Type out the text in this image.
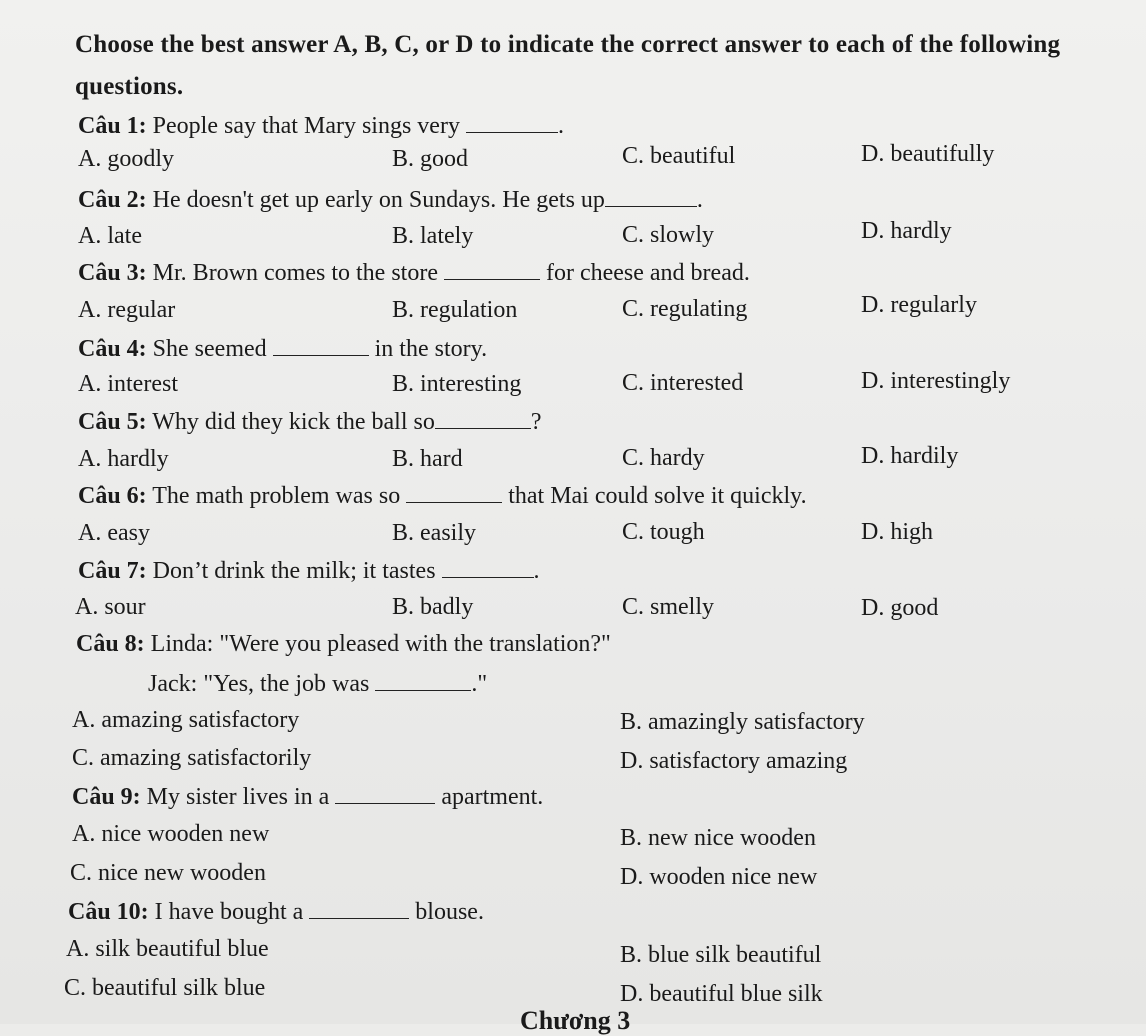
Choose the best answer A, B, C, or D to indicate the correct answer to each of the following questions.
Câu 1: People say that Mary sings very	.
A. goodly	B. good	C. beautiful	D. beautifully
Câu 2: He doesn't get up early on Sundays. He gets up	.
A. late	B. lately	C. slowly	D. hardly
Câu 3: Mr. Brown comes to the store	for cheese and bread.
A. regular	B. regulation	C. regulating	D. regularly
Câu 4: She seemed	in the story.
A. interest	B. interesting	C. interested	D. interestingly
Câu 5: Why did they kick the ball so	?
A. hardly	B. hard	C. hardy	D. hardily
Câu 6: The math problem was so	that Mai could solve it quickly.
A. easy	B. easily	C. tough	D. high
Câu 7: Don’t drink the milk; it tastes	.
A. sour	B. badly	C. smelly	D. good
Câu 8: Linda: "Were you pleased with the translation?"
Jack: "Yes, the job was	."
A. amazing satisfactory	B. amazingly satisfactory
C. amazing satisfactorily	D. satisfactory amazing
Câu 9: My sister lives in a	apartment.
A. nice wooden new	B. new nice wooden
C. nice new wooden	D. wooden nice new
Câu 10: I have bought a	blouse.
A. silk beautiful blue	B. blue silk beautiful
C. beautiful silk blue	D. beautiful blue silk
Chương 3
